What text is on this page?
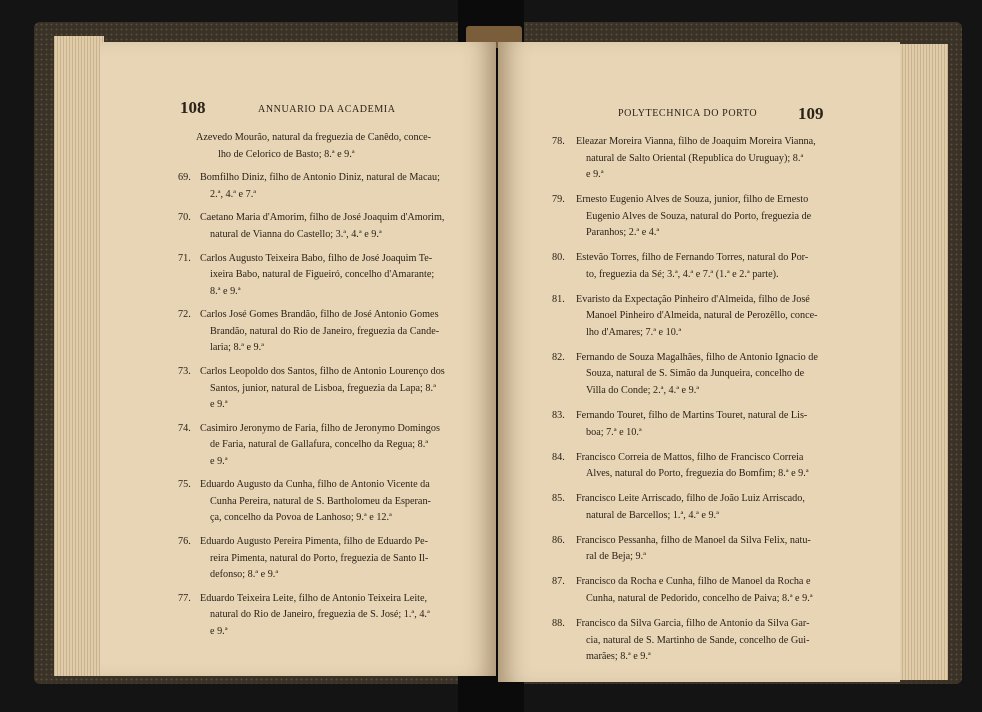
108	ANNUARIO DA ACADEMIA
Azevedo Mourão, natural da freguezia de Canêdo, conce-
lho de Celorico de Basto; 8.ª e 9.ª
69. Bomfilho Diniz, filho de Antonio Diniz, natural de Macau;
2.ª, 4.ª e 7.ª
70. Caetano Maria d'Amorim, filho de José Joaquim d'Amorim,
natural de Vianna do Castello; 3.ª, 4.ª e 9.ª
71. Carlos Augusto Teixeira Babo, filho de José Joaquim Te-
ixeira Babo, natural de Figueiró, concelho d'Amarante;
8.ª e 9.ª
72. Carlos José Gomes Brandão, filho de José Antonio Gomes
Brandão, natural do Rio de Janeiro, freguezia da Cande-
laria; 8.ª e 9.ª
73. Carlos Leopoldo dos Santos, filho de Antonio Lourenço dos
Santos, junior, natural de Lisboa, freguezia da Lapa; 8.ª
e 9.ª
74. Casimiro Jeronymo de Faria, filho de Jeronymo Domingos
de Faria, natural de Gallafura, concelho da Regua; 8.ª
e 9.ª
75. Eduardo Augusto da Cunha, filho de Antonio Vicente da
Cunha Pereira, natural de S. Bartholomeu da Esperan-
ça, concelho da Povoa de Lanhoso; 9.ª e 12.ª
76. Eduardo Augusto Pereira Pimenta, filho de Eduardo Pe-
reira Pimenta, natural do Porto, freguezia de Santo Il-
defonso; 8.ª e 9.ª
77. Eduardo Teixeira Leite, filho de Antonio Teixeira Leite,
natural do Rio de Janeiro, freguezia de S. José; 1.ª, 4.ª
e 9.ª
POLYTECHNICA DO PORTO 109
78. Eleazar Moreira Vianna, filho de Joaquim Moreira Vianna,
natural de Salto Oriental (Republica do Uruguay); 8.ª
e 9.ª
79. Ernesto Eugenio Alves de Souza, junior, filho de Ernesto
Eugenio Alves de Souza, natural do Porto, freguezia de
Paranhos; 2.ª e 4.ª
80. Estevão Torres, filho de Fernando Torres, natural do Por-
to, freguezia da Sé; 3.ª, 4.ª e 7.ª (1.ª e 2.ª parte).
81. Evaristo da Expectação Pinheiro d'Almeida, filho de José
Manoel Pinheiro d'Almeida, natural de Perozêllo, conce-
lho d'Amares; 7.ª e 10.ª
82. Fernando de Souza Magalhães, filho de Antonio Ignacio de
Souza, natural de S. Simão da Junqueira, concelho de
Villa do Conde; 2.ª, 4.ª e 9.ª
83. Fernando Touret, filho de Martins Touret, natural de Lis-
boa; 7.ª e 10.ª
84. Francisco Correia de Mattos, filho de Francisco Correia
Alves, natural do Porto, freguezia do Bomfim; 8.ª e 9.ª
85. Francisco Leite Arriscado, filho de João Luiz Arriscado,
natural de Barcellos; 1.ª, 4.ª e 9.ª
86. Francisco Pessanha, filho de Manoel da Silva Felix, natu-
ral de Beja; 9.ª
87. Francisco da Rocha e Cunha, filho de Manoel da Rocha e
Cunha, natural de Pedorido, concelho de Paiva; 8.ª e 9.ª
88. Francisco da Silva Garcia, filho de Antonio da Silva Gar-
cia, natural de S. Martinho de Sande, concelho de Gui-
marães; 8.ª e 9.ª
